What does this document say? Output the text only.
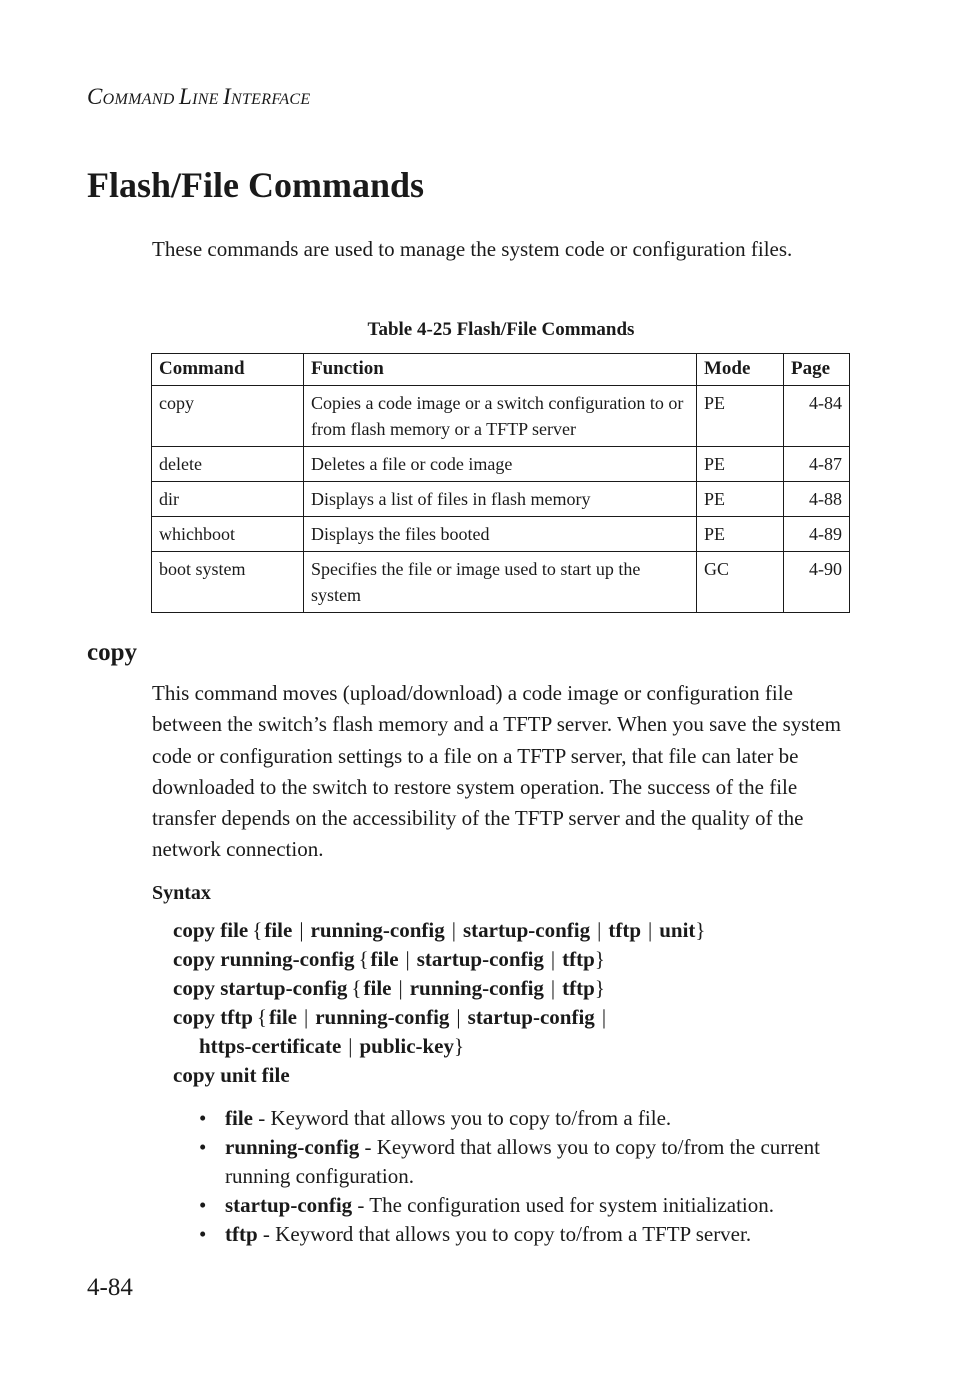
COMMAND LINE INTERFACE
Flash/File Commands

These commands are used to manage the system code or configuration files.

Table 4-25 Flash/File Commands
Command	Function	Mode	Page
copy	Copies a code image or a switch configuration to or from flash memory or a TFTP server	PE	4-84
delete	Deletes a file or code image	PE	4-87
dir	Displays a list of files in flash memory	PE	4-88
whichboot	Displays the files booted	PE	4-89
boot system	Specifies the file or image used to start up the system	GC	4-90
copy

This command moves (upload/download) a code image or configuration file between the switch’s flash memory and a TFTP server. When you save the system code or configuration settings to a file on a TFTP server, that file can later be downloaded to the switch to restore system operation. The success of the file transfer depends on the accessibility of the TFTP server and the quality of the network connection.

Syntax
copy file {file | running-config | startup-config | tftp | unit}
copy running-config {file | startup-config | tftp}
copy startup-config {file | running-config | tftp}
copy tftp {file | running-config | startup-config |
https-certificate | public-key}
copy unit file
• file - Keyword that allows you to copy to/from a file.
• running-config - Keyword that allows you to copy to/from the current running configuration.
• startup-config - The configuration used for system initialization.
• tftp - Keyword that allows you to copy to/from a TFTP server.
4-84
